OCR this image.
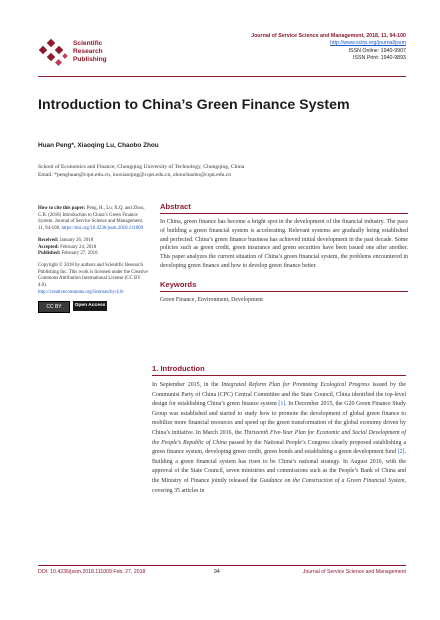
Scientific Research Publishing
Journal of Service Science and Management, 2018, 11, 94-100
http://www.scirp.org/journal/jssm
ISSN Online: 1940-9907
ISSN Print: 1940-9893
Introduction to China’s Green Finance System
Huan Peng*, Xiaoqing Lu, Chaobo Zhou
School of Economics and Finance, Chongqing University of Technology, Chongqing, China
Email: *penghuan@cqut.edu.cn, luoxiaoqing@cqut.edu.cn, zhouchaobo@cqut.edu.cn

How to cite this paper: Peng, H., Lu, X.Q. and Zhou, C.B. (2018) Introduction to China’s Green Finance System. Journal of Service Science and Management, 11, 94-100. https://doi.org/10.4236/jssm.2018.111009

Received: January 26, 2018
Accepted: February 24, 2018
Published: February 27, 2018

Copyright © 2018 by authors and Scientific Research Publishing Inc. This work is licensed under the Creative Commons Attribution International License (CC BY 4.0).
http://creativecommons.org/licenses/by/4.0/

CC BY	Open Access
Abstract

In China, green finance has become a bright spot in the development of the financial industry. The pace of building a green financial system is accelerating. Relevant systems are gradually being established and perfected. China’s green finance business has achieved initial development in the past decade. Some policies such as green credit, green insurance and green securities have been issued one after another. This paper analyzes the current situation of China’s green financial system, the problems encountered in developing green finance and how to develop green finance better.

Keywords

Green Finance, Environment, Development

1. Introduction
In September 2015, in the Integrated Reform Plan for Promoting Ecological Progress issued by the Communist Party of China (CPC) Central Committee and the State Council, China identified the top-level design for establishing China’s green finance system [1]. In December 2015, the G20 Green Finance Study Group was established and started to study how to promote the development of global green finance to mobilize more financial resources and speed up the green transformation of the global economy driven by China’s initiative. In March 2016, the Thirteenth Five-Year Plan for Economic and Social Development of the People’s Republic of China passed by the National People’s Congress clearly proposed establishing a green finance system, developing green credit, green bonds and establishing a green development fund [2]. Building a green financial system has risen to be China’s national strategy. In August 2016, with the approval of the State Council, seven ministries and commissions such as the People’s Bank of China and the Ministry of Finance jointly released the Guidance on the Construction of a Green Financial System, covering 35 articles in
DOI: 10.4236/jssm.2018.111009 Feb. 27, 2018	94	Journal of Service Science and Management
